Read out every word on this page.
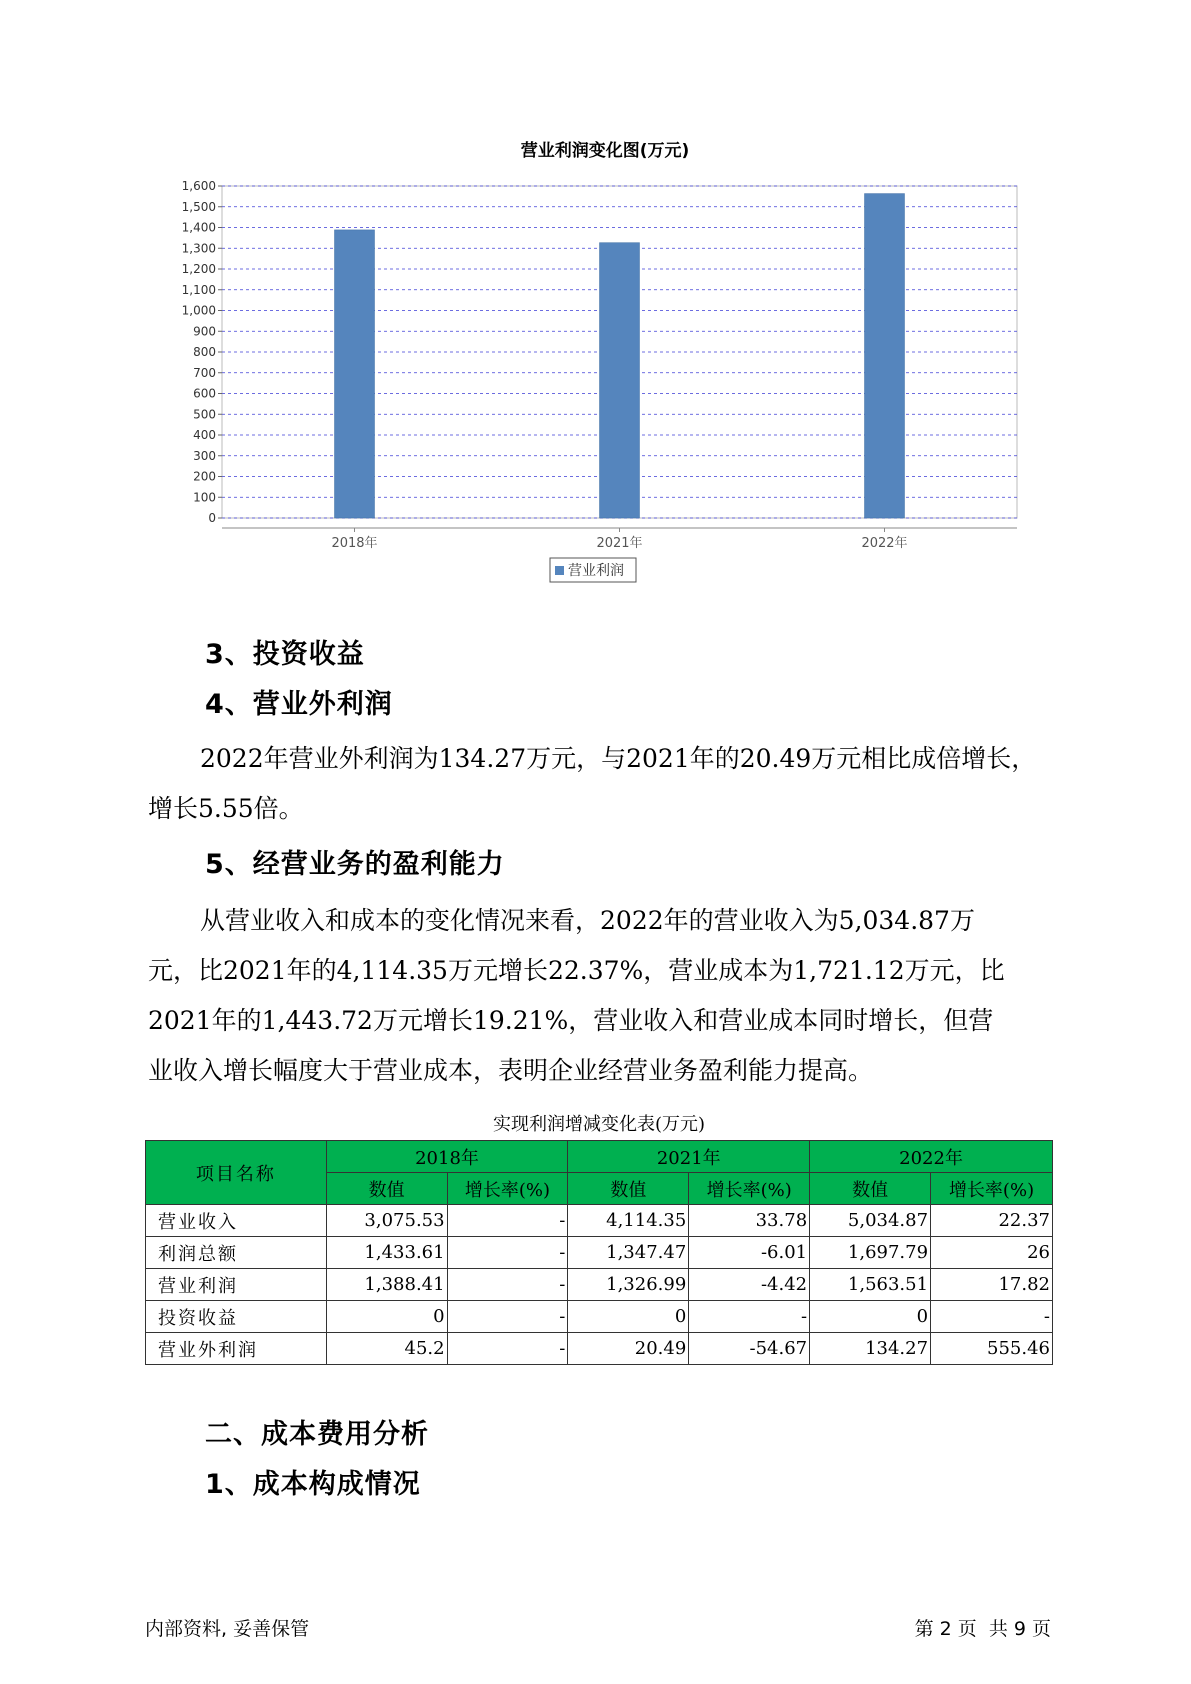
营业利润变化图(万元)
0
100
200
300
400
500
600
700
800
900
1,000
1,100
1,200
1,300
1,400
1,500
1,600
2018年	2021年	2022年
营业利润
3、投资收益
4、营业外利润
2022年营业外利润为134.27万元，与2021年的20.49万元相比成倍增长，
增长5.55倍。
5、经营业务的盈利能力
从营业收入和成本的变化情况来看，2022年的营业收入为5,034.87万
元，比2021年的4,114.35万元增长22.37%，营业成本为1,721.12万元，比
2021年的1,443.72万元增长19.21%，营业收入和营业成本同时增长，但营
业收入增长幅度大于营业成本，表明企业经营业务盈利能力提高。
实现利润增减变化表(万元)
项目名称	2018年		2021年		2022年	
	数值	增长率(%)	数值	增长率(%)	数值	增长率(%)
营业收入	3,075.53	-	4,114.35	33.78	5,034.87	22.37
利润总额	1,433.61	-	1,347.47	-6.01	1,697.79	26
营业利润	1,388.41	-	1,326.99	-4.42	1,563.51	17.82
投资收益	0	-	0	-	0	-
营业外利润	45.2	-	20.49	-54.67	134.27	555.46
二、成本费用分析
1、成本构成情况
内部资料, 妥善保管	第 2 页  共 9 页
